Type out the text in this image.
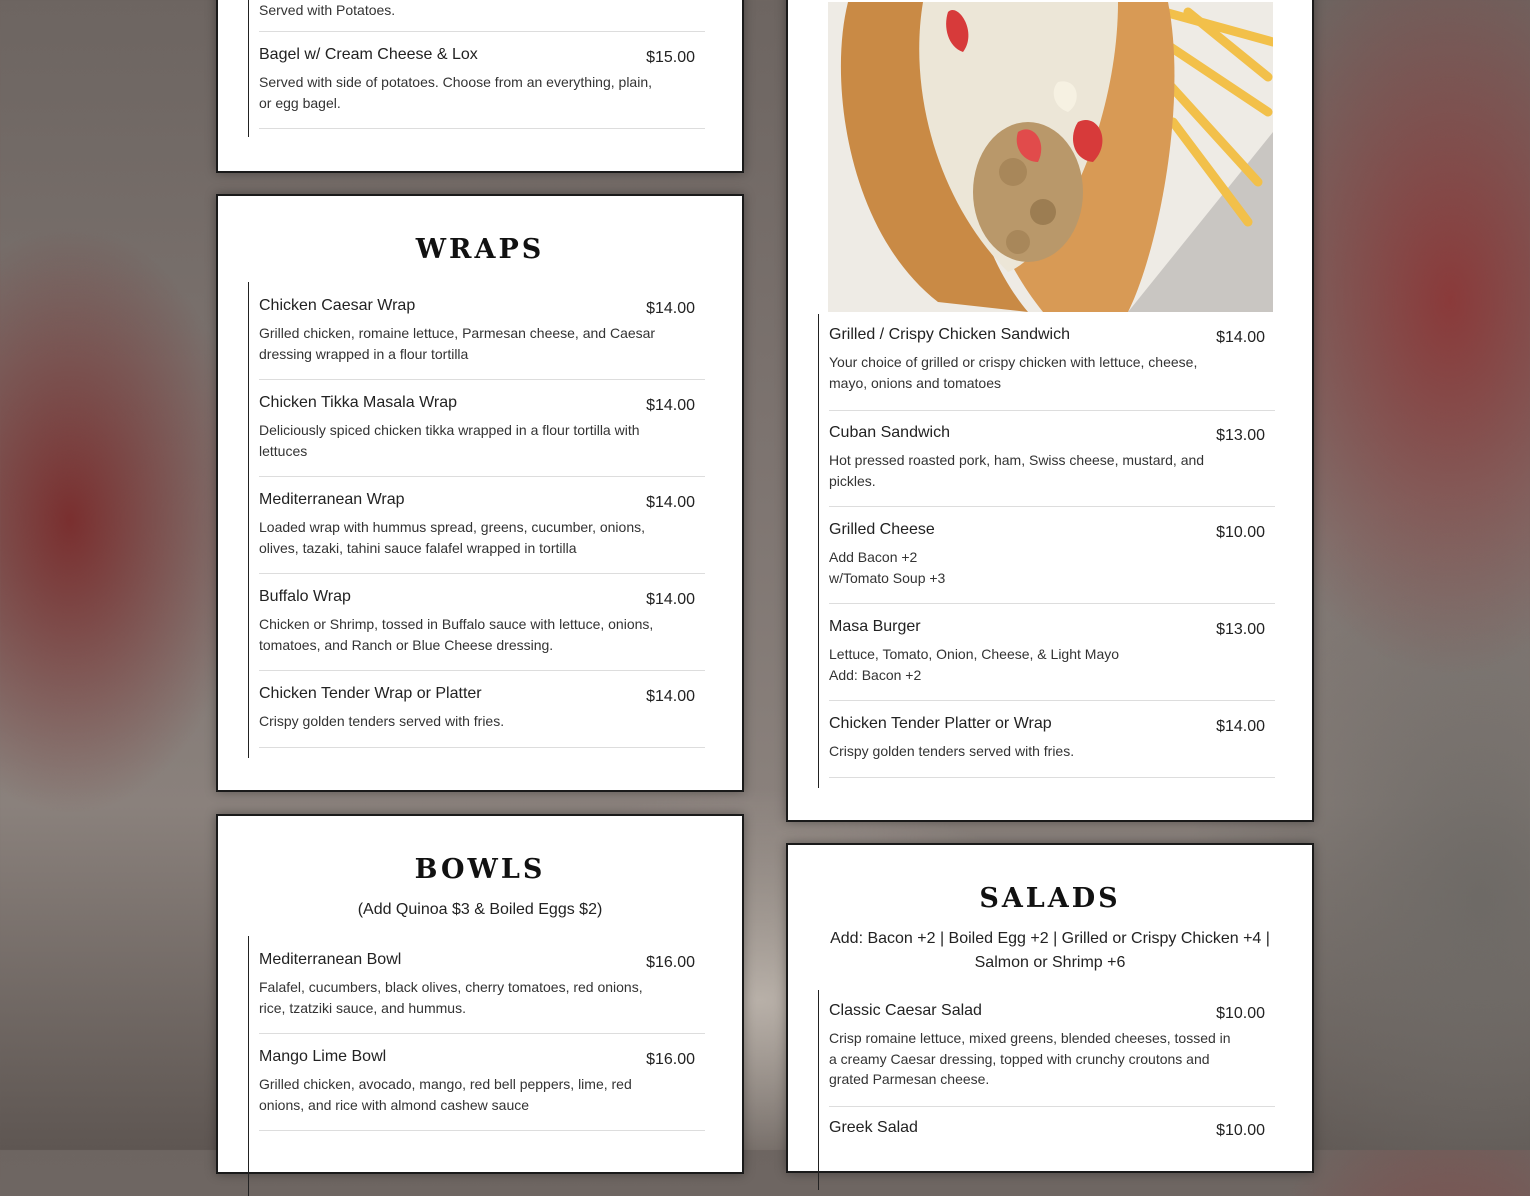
Served with Potatoes.
Bagel w/ Cream Cheese & Lox	$15.00
Served with side of potatoes. Choose from an everything, plain,
or egg bagel.
WRAPS
Chicken Caesar Wrap	$14.00
Grilled chicken, romaine lettuce, Parmesan cheese, and Caesar
dressing wrapped in a flour tortilla
Chicken Tikka Masala Wrap	$14.00
Deliciously spiced chicken tikka wrapped in a flour tortilla with
lettuces
Mediterranean Wrap	$14.00
Loaded wrap with hummus spread, greens, cucumber, onions,
olives, tazaki, tahini sauce falafel wrapped in tortilla
Buffalo Wrap	$14.00
Chicken or Shrimp, tossed in Buffalo sauce with lettuce, onions,
tomatoes, and Ranch or Blue Cheese dressing.
Chicken Tender Wrap or Platter	$14.00
Crispy golden tenders served with fries.
BOWLS
(Add Quinoa $3 & Boiled Eggs $2)
Mediterranean Bowl	$16.00
Falafel, cucumbers, black olives, cherry tomatoes, red onions,
rice, tzatziki sauce, and hummus.
Mango Lime Bowl	$16.00
Grilled chicken, avocado, mango, red bell peppers, lime, red
onions, and rice with almond cashew sauce
Grilled / Crispy Chicken Sandwich	$14.00
Your choice of grilled or crispy chicken with lettuce, cheese,
mayo, onions and tomatoes
Cuban Sandwich	$13.00
Hot pressed roasted pork, ham, Swiss cheese, mustard, and
pickles.
Grilled Cheese	$10.00
Add Bacon +2
w/Tomato Soup +3
Masa Burger	$13.00
Lettuce, Tomato, Onion, Cheese, & Light Mayo
Add: Bacon +2
Chicken Tender Platter or Wrap	$14.00
Crispy golden tenders served with fries.
SALADS
Add: Bacon +2 | Boiled Egg +2 | Grilled or Crispy Chicken +4 |
Salmon or Shrimp +6
Classic Caesar Salad	$10.00
Crisp romaine lettuce, mixed greens, blended cheeses, tossed in
a creamy Caesar dressing, topped with crunchy croutons and
grated Parmesan cheese.
Greek Salad	$10.00
